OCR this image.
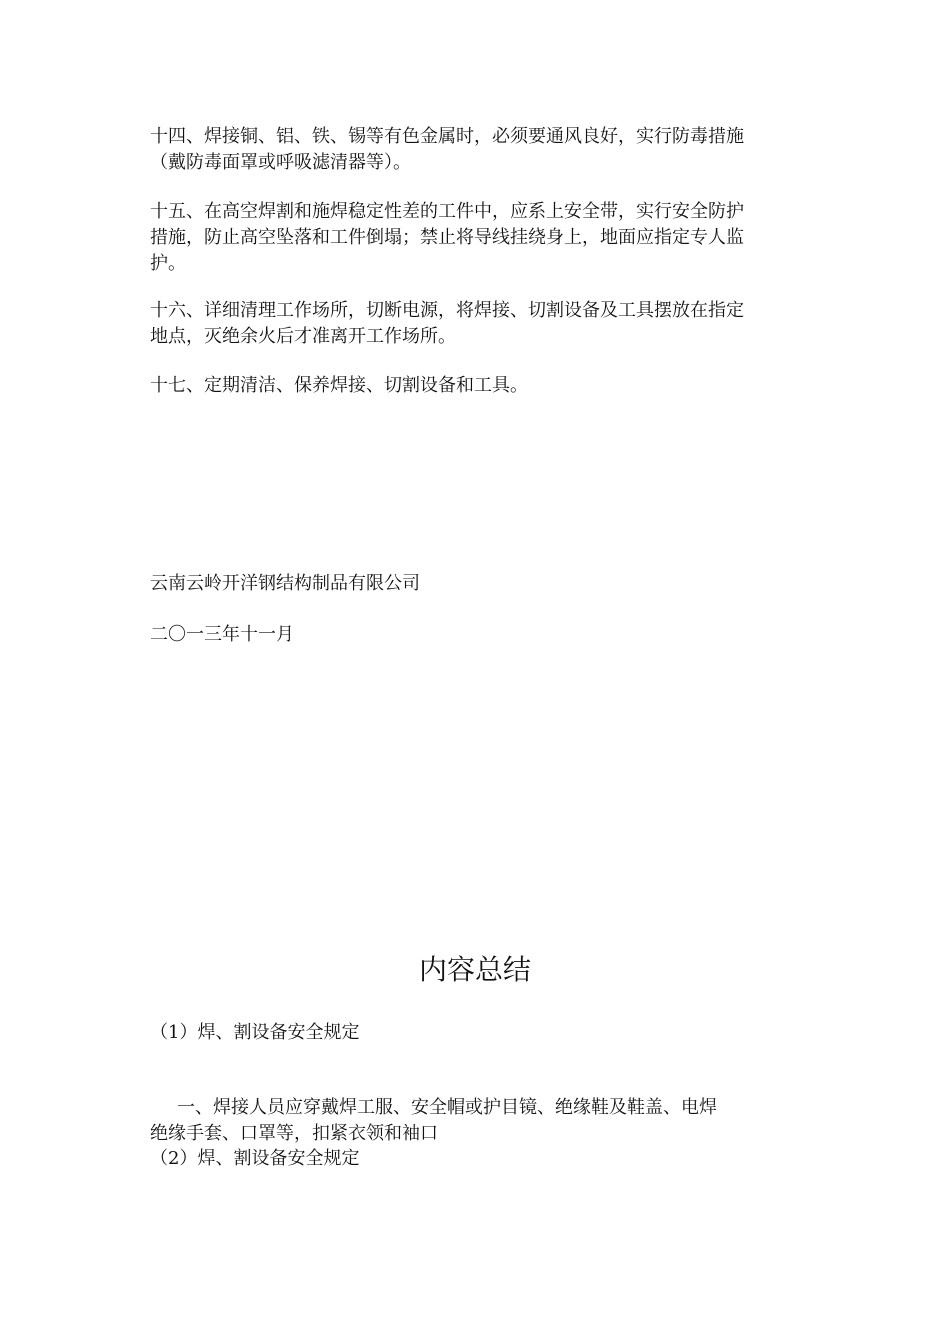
十四、焊接铜、铝、铁、锡等有色金属时，必须要通风良好，实行防毒措施
（戴防毒面罩或呼吸滤清器等）。

十五、在高空焊割和施焊稳定性差的工件中，应系上安全带，实行安全防护
措施，防止高空坠落和工件倒塌；禁止将导线挂绕身上，地面应指定专人监
护。

十六、详细清理工作场所，切断电源，将焊接、切割设备及工具摆放在指定
地点，灭绝余火后才准离开工作场所。

十七、定期清洁、保养焊接、切割设备和工具。

云南云岭开洋钢结构制品有限公司

二〇一三年十一月

内容总结

（1）焊、割设备安全规定

一、焊接人员应穿戴焊工服、安全帽或护目镜、绝缘鞋及鞋盖、电焊
绝缘手套、口罩等，扣紧衣领和袖口

（2）焊、割设备安全规定
